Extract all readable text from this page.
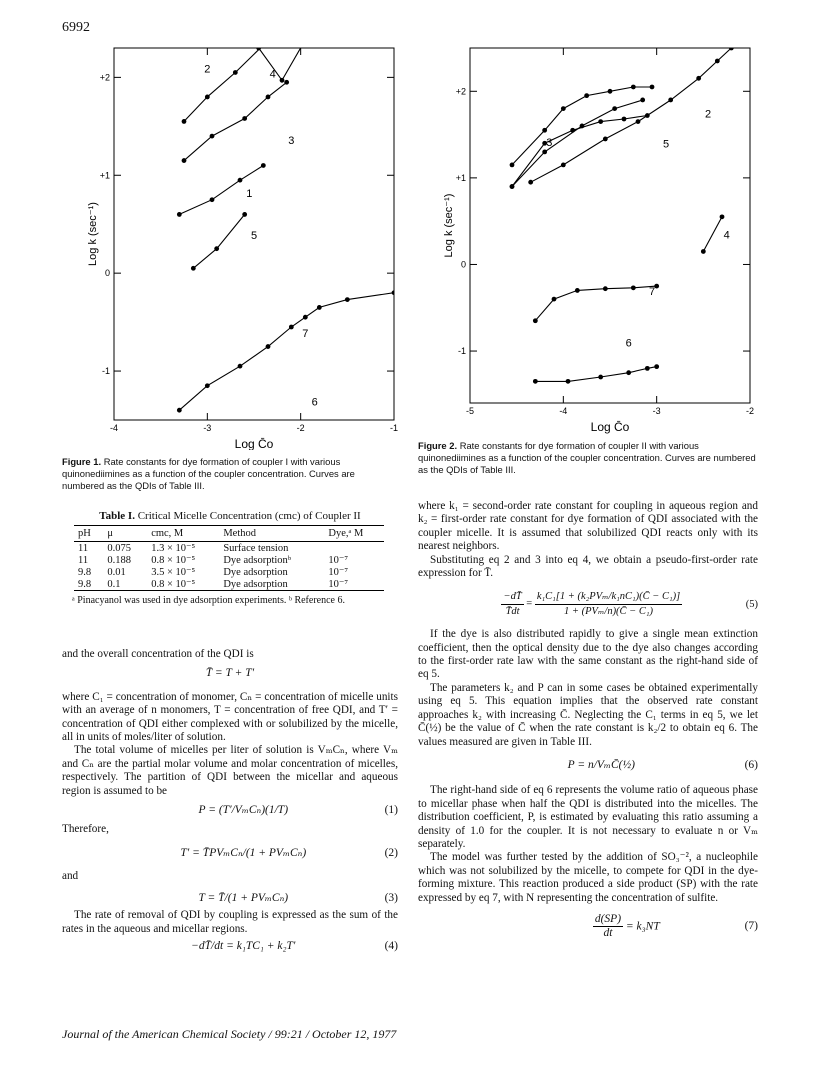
6992
-4	-3	-2	-1
-1
0
+1
+2
Log C̄o
Log k (sec⁻¹)
2	4
3
1
5
7
6
Figure 1. Rate constants for dye formation of coupler I with various quinonediimines as a function of the coupler concentration. Curves are numbered as the QDIs of Table III.
-5	-4	-3	-2
-1
0
+1
+2
Log C̄o
Log k (sec⁻¹)
2
3	5
4
7
6
Figure 2. Rate constants for dye formation of coupler II with various quinonediimines as a function of the coupler concentration. Curves are numbered as the QDIs of Table III.
Table I. Critical Micelle Concentration (cmc) of Coupler II
pH	μ	cmc, M	Method	Dye,ᵃ M
11	0.075	1.3 × 10⁻⁵	Surface tension	
11	0.188	0.8 × 10⁻⁵	Dye adsorptionᵇ	10⁻⁷
9.8	0.01	3.5 × 10⁻⁵	Dye adsorption	10⁻⁷
9.8	0.1	0.8 × 10⁻⁵	Dye adsorption	10⁻⁷
ᵃ Pinacyanol was used in dye adsorption experiments. ᵇ Reference 6.

and the overall concentration of the QDI is

T̄ = T + T′

where C₁ = concentration of monomer, Cₙ = concentration of micelle units with an average of n monomers, T = concentration of free QDI, and T′ = concentration of QDI either complexed with or solubilized by the micelle, all in units of moles/liter of solution.

The total volume of micelles per liter of solution is VₘCₙ, where Vₘ and Cₙ are the partial molar volume and molar concentration of micelles, respectively. The partition of QDI between the micellar and aqueous region is assumed to be

P = (T′/VₘCₙ)(1/T)	(1)

Therefore,

T′ = T̄PVₘCₙ/(1 + PVₘCₙ)	(2)

and

T = T̄/(1 + PVₘCₙ)	(3)

The rate of removal of QDI by coupling is expressed as the sum of the rates in the aqueous and micellar regions.

−dT̄/dt = k₁TC₁ + k₂T′	(4)

where k₁ = second-order rate constant for coupling in aqueous region and k₂ = first-order rate constant for dye formation of QDI associated with the coupler micelle. It is assumed that solubilized QDI reacts only with its nearest neighbors.

Substituting eq 2 and 3 into eq 4, we obtain a pseudo-first-order rate expression for T̄.

$\frac{-dT̄}{T̄dt} = \frac{\text{k₁C₁[1 + (k₂PVₘ/k₁nC₁)(C̄ − C₁)]}}{\text{1 + (PVₘ/n)(C̄ − C₁)}}$	(5)

If the dye is also distributed rapidly to give a single mean extinction coefficient, then the optical density due to the dye also changes according to the first-order rate law with the same constant as the right-hand side of eq 5.

The parameters k₂ and P can in some cases be obtained experimentally using eq 5. This equation implies that the observed rate constant approaches k₂ with increasing C̄. Neglecting the C₁ terms in eq 5, we let C̄(½) be the value of C̄ when the rate constant is k₂/2 to obtain eq 6. The values measured are given in Table III.

P = n/VₘC̄(½)	(6)

The right-hand side of eq 6 represents the volume ratio of aqueous phase to micellar phase when half the QDI is distributed into the micelles. The distribution coefficient, P, is estimated by evaluating this ratio assuming a density of 1.0 for the coupler. It is not necessary to evaluate n or Vₘ separately.

The model was further tested by the addition of SO₃⁻², a nucleophile which was not solubilized by the micelle, to compete for QDI in the dye-forming mixture. This reaction produced a side product (SP) with the rate expressed by eq 7, with N representing the concentration of sulfite.

$\frac{d(SP)}{dt} = k_3NT$	(7)
Journal of the American Chemical Society / 99:21 / October 12, 1977
